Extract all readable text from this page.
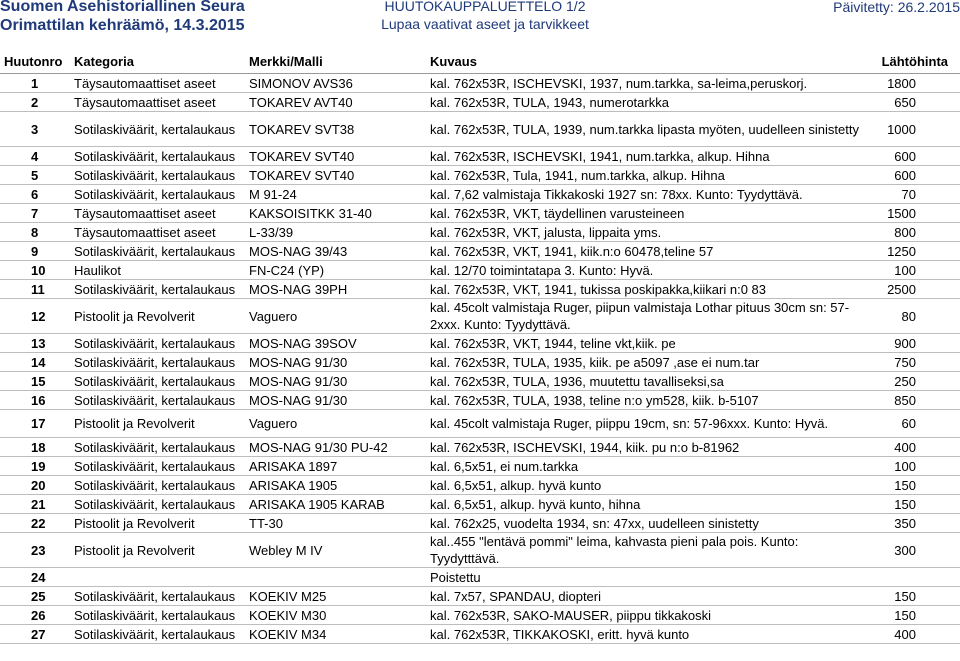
Suomen Asehistoriallinen Seura
Orimattilan kehräämö, 14.3.2015
HUUTOKAUPPALUETTELO 1/2
Lupaa vaativat aseet ja tarvikkeet
Päivitetty: 26.2.2015
Huutonro	Kategoria	Merkki/Malli	Kuvaus	Lähtöhinta
1	Täysautomaattiset aseet	SIMONOV AVS36	kal. 762x53R, ISCHEVSKI, 1937, num.tarkka, sa-leima,peruskorj.	1800
2	Täysautomaattiset aseet	TOKAREV AVT40	kal. 762x53R, TULA, 1943, numerotarkka	650
3	Sotilaskiväärit, kertalaukaus	TOKAREV SVT38	kal. 762x53R, TULA, 1939, num.tarkka lipasta myöten, uudelleen sinistetty	1000
4	Sotilaskiväärit, kertalaukaus	TOKAREV SVT40	kal. 762x53R, ISCHEVSKI, 1941, num.tarkka, alkup. Hihna	600
5	Sotilaskiväärit, kertalaukaus	TOKAREV SVT40	kal. 762x53R, Tula, 1941, num.tarkka, alkup. Hihna	600
6	Sotilaskiväärit, kertalaukaus	M 91-24	kal. 7,62 valmistaja Tikkakoski 1927 sn: 78xx. Kunto: Tyydyttävä.	70
7	Täysautomaattiset aseet	KAKSOISITKK 31-40	kal. 762x53R, VKT, täydellinen varusteineen	1500
8	Täysautomaattiset aseet	L-33/39	kal. 762x53R, VKT, jalusta, lippaita yms.	800
9	Sotilaskiväärit, kertalaukaus	MOS-NAG 39/43	kal. 762x53R, VKT, 1941, kiik.n:o 60478,teline 57	1250
10	Haulikot	FN-C24 (YP)	kal. 12/70 toimintatapa 3. Kunto: Hyvä.	100
11	Sotilaskiväärit, kertalaukaus	MOS-NAG 39PH	kal. 762x53R, VKT, 1941, tukissa poskipakka,kiikari n:0 83	2500
12	Pistoolit ja Revolverit	Vaguero	kal. 45colt valmistaja Ruger, piipun valmistaja Lothar pituus 30cm sn: 57-2xxx. Kunto: Tyydyttävä.	80
13	Sotilaskiväärit, kertalaukaus	MOS-NAG 39SOV	kal. 762x53R, VKT, 1944, teline vkt,kiik. pe	900
14	Sotilaskiväärit, kertalaukaus	MOS-NAG 91/30	kal. 762x53R, TULA, 1935, kiik. pe a5097 ,ase ei num.tar	750
15	Sotilaskiväärit, kertalaukaus	MOS-NAG 91/30	kal. 762x53R, TULA, 1936, muutettu tavalliseksi,sa	250
16	Sotilaskiväärit, kertalaukaus	MOS-NAG 91/30	kal. 762x53R, TULA, 1938, teline n:o ym528, kiik. b-5107	850
17	Pistoolit ja Revolverit	Vaguero	kal. 45colt valmistaja Ruger, piippu 19cm, sn: 57-96xxx. Kunto: Hyvä.	60
18	Sotilaskiväärit, kertalaukaus	MOS-NAG 91/30 PU-42	kal. 762x53R, ISCHEVSKI, 1944, kiik. pu n:o b-81962	400
19	Sotilaskiväärit, kertalaukaus	ARISAKA 1897	kal. 6,5x51, ei num.tarkka	100
20	Sotilaskiväärit, kertalaukaus	ARISAKA 1905	kal. 6,5x51, alkup. hyvä kunto	150
21	Sotilaskiväärit, kertalaukaus	ARISAKA 1905 KARAB	kal. 6,5x51, alkup. hyvä kunto, hihna	150
22	Pistoolit ja Revolverit	TT-30	kal. 762x25, vuodelta 1934, sn: 47xx, uudelleen sinistetty	350
23	Pistoolit ja Revolverit	Webley M IV	kal..455 "lentävä pommi" leima, kahvasta pieni pala pois. Kunto: Tyydytttävä.	300
24			Poistettu	
25	Sotilaskiväärit, kertalaukaus	KOEKIV M25	kal. 7x57, SPANDAU, diopteri	150
26	Sotilaskiväärit, kertalaukaus	KOEKIV M30	kal. 762x53R, SAKO-MAUSER, piippu tikkakoski	150
27	Sotilaskiväärit, kertalaukaus	KOEKIV M34	kal. 762x53R, TIKKAKOSKI, eritt. hyvä kunto	400
